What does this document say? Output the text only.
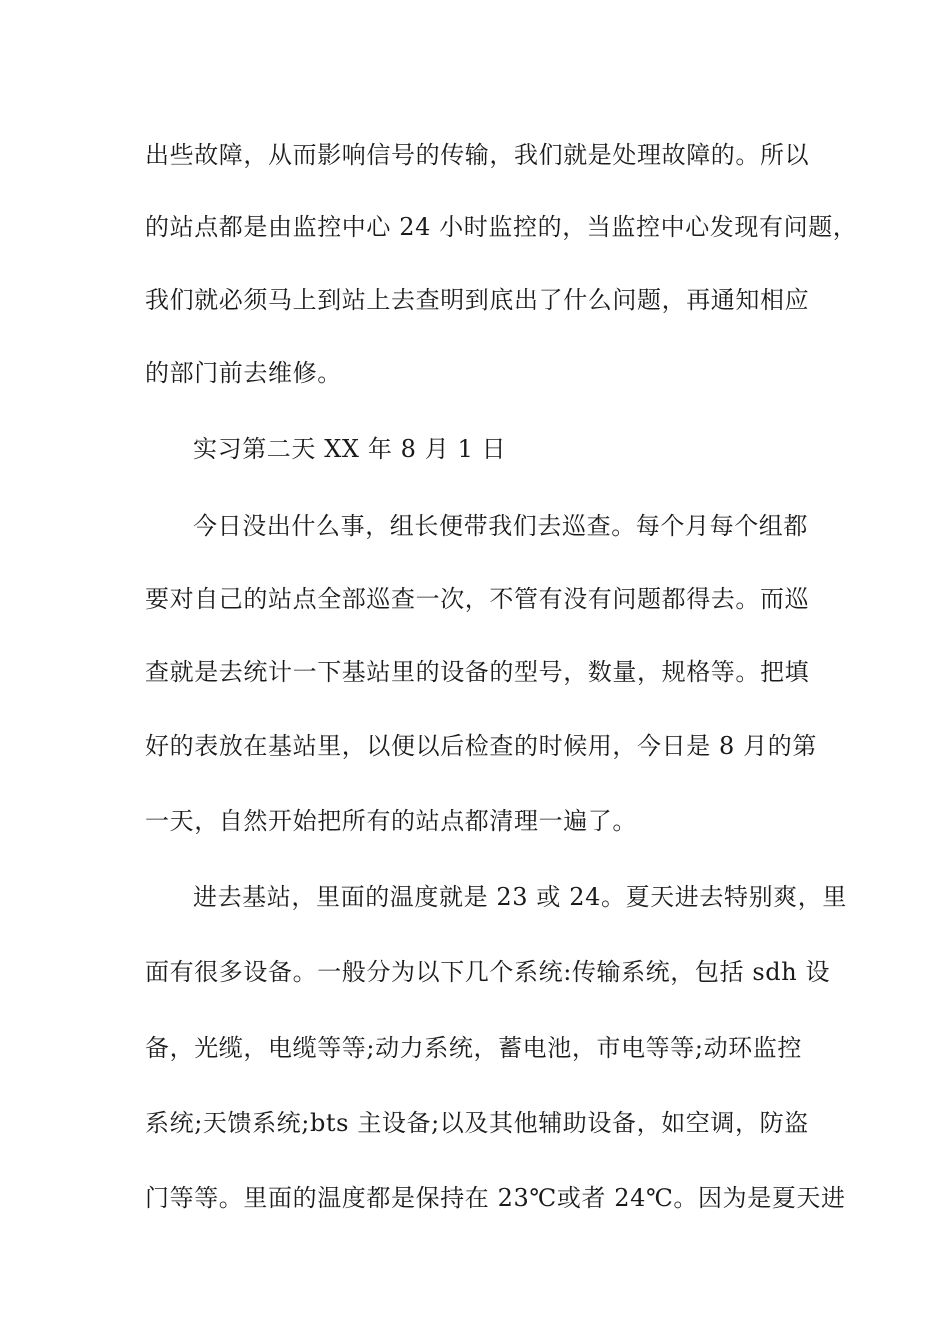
出些故障，从而影响信号的传输，我们就是处理故障的。所以
的站点都是由监控中心 24 小时监控的，当监控中心发现有问题，
我们就必须马上到站上去查明到底出了什么问题，再通知相应
的部门前去维修。
实习第二天 XX 年 8 月 1 日
今日没出什么事，组长便带我们去巡查。每个月每个组都
要对自己的站点全部巡查一次，不管有没有问题都得去。而巡
查就是去统计一下基站里的设备的型号，数量，规格等。把填
好的表放在基站里，以便以后检查的时候用，今日是 8 月的第
一天，自然开始把所有的站点都清理一遍了。
进去基站，里面的温度就是 23 或 24。夏天进去特别爽，里
面有很多设备。一般分为以下几个系统:传输系统，包括 sdh 设
备，光缆，电缆等等;动力系统，蓄电池，市电等等;动环监控
系统;天馈系统;bts 主设备;以及其他辅助设备，如空调，防盗
门等等。里面的温度都是保持在 23℃或者 24℃。因为是夏天进
